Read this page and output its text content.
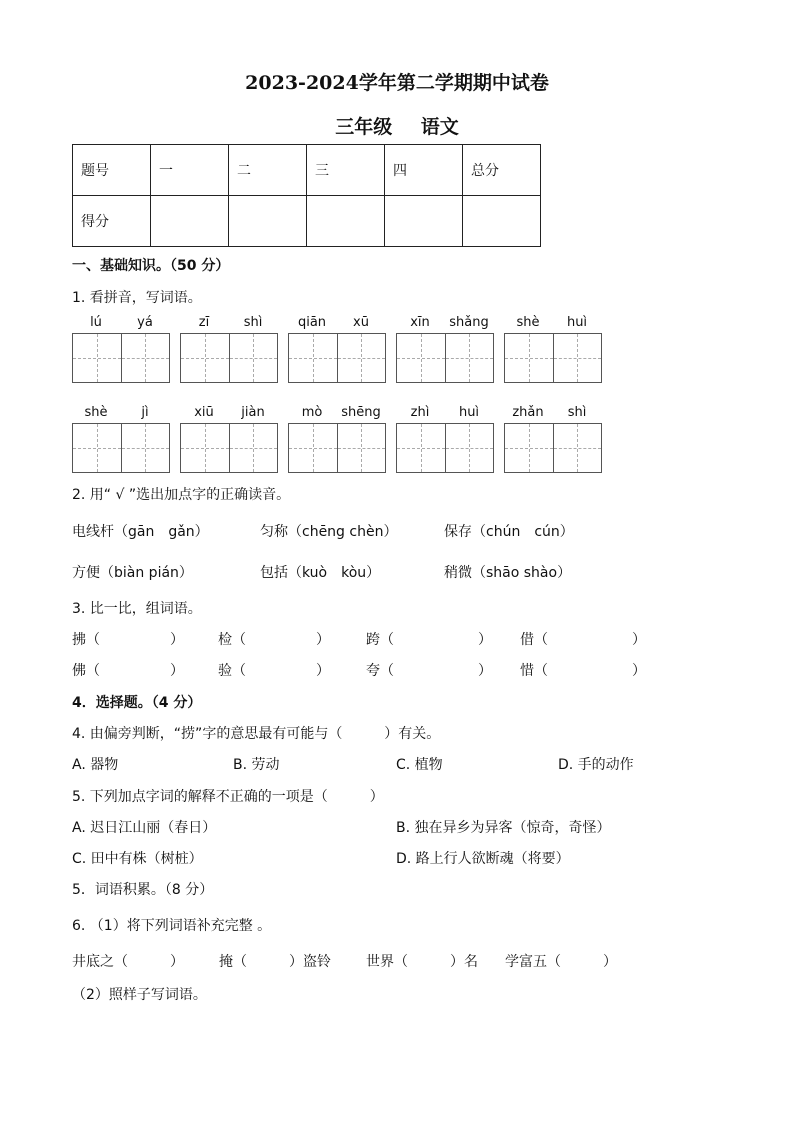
2023-2024学年第二学期期中试卷
三年级 语文
题号	一	二	三	四	总分
得分					
一、基础知识。（50 分）
1. 看拼音，写词语。
lú	yá	zī	shì	qiān	xū	xīn	shǎng	shè	huì
shè	jì	xiū	jiàn	mò	shēng	zhì	huì	zhǎn	shì
2. 用“ √ ”选出加点字的正确读音。
电线杆（gān　gǎn）	匀称（chēng chèn）	保存（chún　cún）
方便（biàn pián）	包括（kuò　kòu）	稍微（shāo shào）
3. 比一比，组词语。
拂（　　　　　） 检（　　　　　）	跨（　　　　　　） 借（　　　　　　）
佛（　　　　　） 验（　　　　　）	夸（　　　　　　） 惜（　　　　　　）
4．选择题。（4 分）
4. 由偏旁判断，“捞”字的意思最有可能与（　　　）有关。
A. 器物	B. 劳动	C. 植物	D. 手的动作
5. 下列加点字词的解释不正确的一项是（　　　）
A. 迟日江山丽（春日）	B. 独在异乡为异客（惊奇，奇怪）
C. 田中有株（树桩）	D. 路上行人欲断魂（将要）
5．词语积累。（8 分）
6. （1）将下列词语补充完整 。
井底之（　　　）	掩（　　　）盗铃	世界（　　　）名 学富五（　　　）
（2）照样子写词语。
